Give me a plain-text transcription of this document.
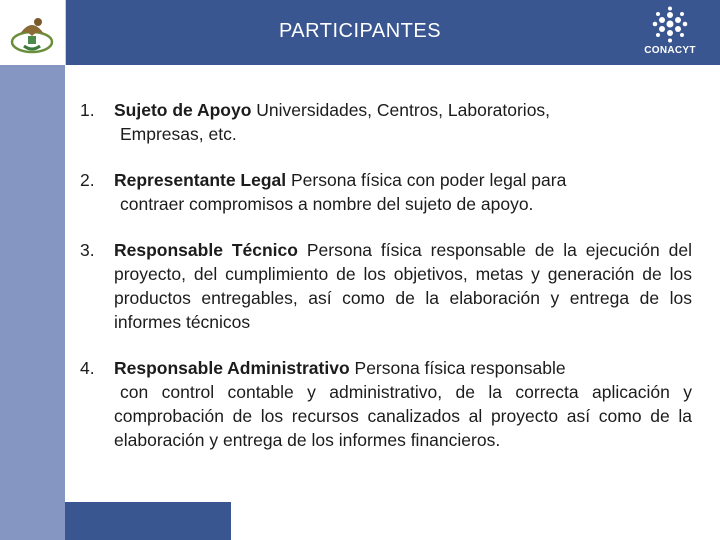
PARTICIPANTES
CONACYT
1. Sujeto de Apoyo Universidades, Centros, Laboratorios,
Empresas, etc.
2. Representante Legal Persona física con poder legal para
contraer compromisos a nombre del sujeto de apoyo.
3. Responsable Técnico Persona física responsable de la ejecución del proyecto, del cumplimiento de los objetivos, metas y generación de los productos entregables, así como de la elaboración y entrega de los informes técnicos
4. Responsable Administrativo Persona física responsable
con control contable y administrativo, de la correcta aplicación y comprobación de los recursos canalizados al proyecto así como de la elaboración y entrega de los informes financieros.
